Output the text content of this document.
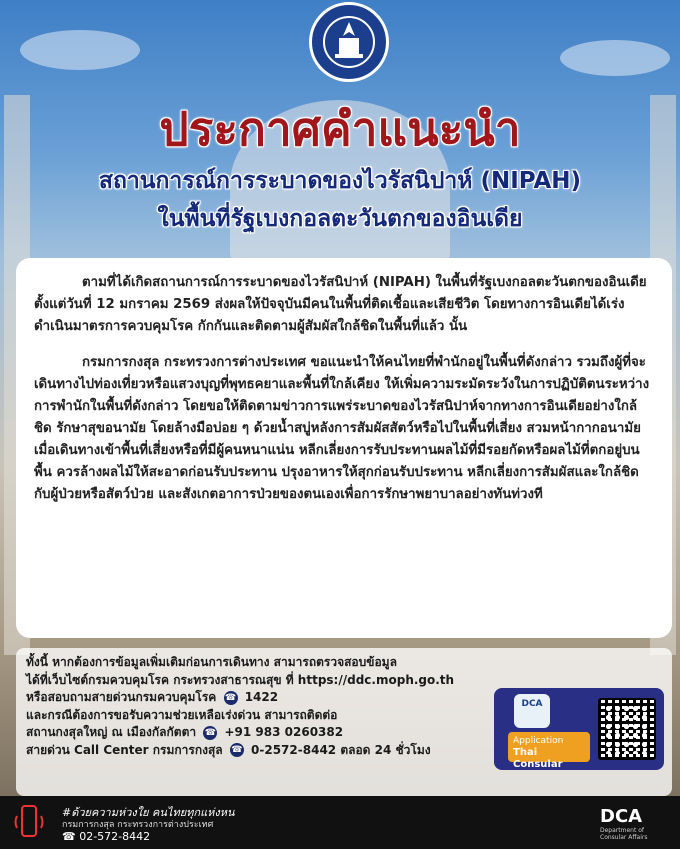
ประกาศคำแนะนำ
สถานการณ์การระบาดของไวรัสนิปาห์ (NIPAH)
ในพื้นที่รัฐเบงกอลตะวันตกของอินเดีย

ตามที่ได้เกิดสถานการณ์การระบาดของไวรัสนิปาห์ (NIPAH) ในพื้นที่รัฐเบงกอลตะวันตกของอินเดีย ตั้งแต่วันที่ 12 มกราคม 2569 ส่งผลให้ปัจจุบันมีคนในพื้นที่ติดเชื้อและเสียชีวิต โดยทางการอินเดียได้เร่งดำเนินมาตรการควบคุมโรค กักกันและติดตามผู้สัมผัสใกล้ชิดในพื้นที่แล้ว นั้น

กรมการกงสุล กระทรวงการต่างประเทศ ขอแนะนำให้คนไทยที่พำนักอยู่ในพื้นที่ดังกล่าว รวมถึงผู้ที่จะเดินทางไปท่องเที่ยวหรือแสวงบุญที่พุทธคยาและพื้นที่ใกล้เคียง ให้เพิ่มความระมัดระวังในการปฏิบัติตนระหว่างการพำนักในพื้นที่ดังกล่าว โดยขอให้ติดตามข่าวการแพร่ระบาดของไวรัสนิปาห์จากทางการอินเดียอย่างใกล้ชิด รักษาสุขอนามัย โดยล้างมือบ่อย ๆ ด้วยน้ำสบู่หลังการสัมผัสสัตว์หรือไปในพื้นที่เสี่ยง สวมหน้ากากอนามัยเมื่อเดินทางเข้าพื้นที่เสี่ยงหรือที่มีผู้คนหนาแน่น หลีกเลี่ยงการรับประทานผลไม้ที่มีรอยกัดหรือผลไม้ที่ตกอยู่บนพื้น ควรล้างผลไม้ให้สะอาดก่อนรับประทาน ปรุงอาหารให้สุกก่อนรับประทาน หลีกเลี่ยงการสัมผัสและใกล้ชิดกับผู้ป่วยหรือสัตว์ป่วย และสังเกตอาการป่วยของตนเองเพื่อการรักษาพยาบาลอย่างทันท่วงที

ทั้งนี้ หากต้องการข้อมูลเพิ่มเติมก่อนการเดินทาง สามารถตรวจสอบข้อมูล
ได้ที่เว็บไซต์กรมควบคุมโรค กระทรวงสาธารณสุข ที่ https://ddc.moph.go.th
หรือสอบถามสายด่วนกรมควบคุมโรค ☎ 1422
และกรณีต้องการขอรับความช่วยเหลือเร่งด่วน สามารถติดต่อ
สถานกงสุลใหญ่ ณ เมืองกัลกัตตา ☎ +91 983 0260382
สายด่วน Call Center กรมการกงสุล ☎ 0-2572-8442 ตลอด 24 ชั่วโมง
DCA
Application
Thai Consular
#ด้วยความห่วงใย คนไทยทุกแห่งหน
กรมการกงสุล กระทรวงการต่างประเทศ
☎ 02-572-8442
DCA
Department of Consular Affairs
